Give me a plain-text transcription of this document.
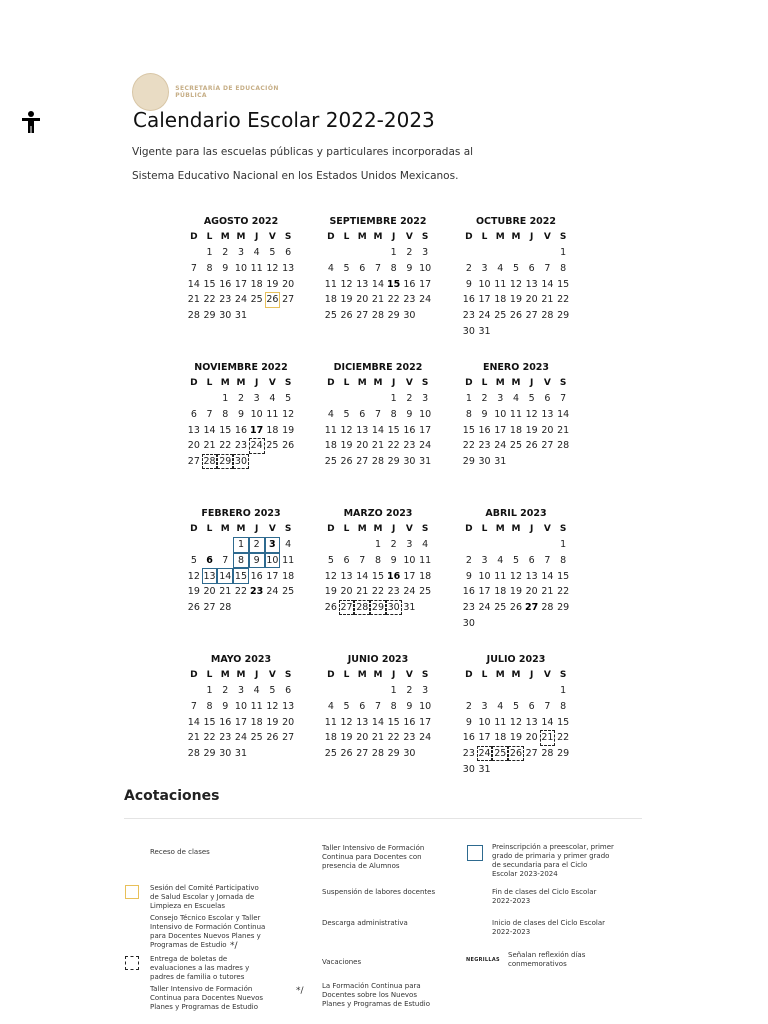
SECRETARÍA DE EDUCACIÓN PÚBLICA
Calendario Escolar 2022-2023

Vigente para las escuelas públicas y particulares incorporadas al Sistema Educativo Nacional en los Estados Unidos Mexicanos.

AGOSTO 2022
D	L	M	M	J	V	S
	1	2	3	4	5	6
7	8	9	10	11	12	13
14	15	16	17	18	19	20
21	22	23	24	25	26	27
28	29	30	31			
SEPTIEMBRE 2022
D	L	M	M	J	V	S
				1	2	3
4	5	6	7	8	9	10
11	12	13	14	15	16	17
18	19	20	21	22	23	24
25	26	27	28	29	30	
OCTUBRE 2022
D	L	M	M	J	V	S
						1
2	3	4	5	6	7	8
9	10	11	12	13	14	15
16	17	18	19	20	21	22
23	24	25	26	27	28	29
30	31					
NOVIEMBRE 2022
D	L	M	M	J	V	S
		1	2	3	4	5
6	7	8	9	10	11	12
13	14	15	16	17	18	19
20	21	22	23	24	25	26
27	28	29	30			
DICIEMBRE 2022
D	L	M	M	J	V	S
				1	2	3
4	5	6	7	8	9	10
11	12	13	14	15	16	17
18	19	20	21	22	23	24
25	26	27	28	29	30	31
ENERO 2023
D	L	M	M	J	V	S
1	2	3	4	5	6	7
8	9	10	11	12	13	14
15	16	17	18	19	20	21
22	23	24	25	26	27	28
29	30	31				
FEBRERO 2023
D	L	M	M	J	V	S
			1	2	3	4
5	6	7	8	9	10	11
12	13	14	15	16	17	18
19	20	21	22	23	24	25
26	27	28				
MARZO 2023
D	L	M	M	J	V	S
			1	2	3	4
5	6	7	8	9	10	11
12	13	14	15	16	17	18
19	20	21	22	23	24	25
26	27	28	29	30	31	
ABRIL 2023
D	L	M	M	J	V	S
						1
2	3	4	5	6	7	8
9	10	11	12	13	14	15
16	17	18	19	20	21	22
23	24	25	26	27	28	29
30						
MAYO 2023
D	L	M	M	J	V	S
	1	2	3	4	5	6
7	8	9	10	11	12	13
14	15	16	17	18	19	20
21	22	23	24	25	26	27
28	29	30	31			
JUNIO 2023
D	L	M	M	J	V	S
				1	2	3
4	5	6	7	8	9	10
11	12	13	14	15	16	17
18	19	20	21	22	23	24
25	26	27	28	29	30	
JULIO 2023
D	L	M	M	J	V	S
						1
2	3	4	5	6	7	8
9	10	11	12	13	14	15
16	17	18	19	20	21	22
23	24	25	26	27	28	29
30	31					
Acotaciones
Receso de clases
Sesión del Comité Participativo de Salud Escolar y Jornada de Limpieza en Escuelas
Consejo Técnico Escolar y Taller Intensivo de Formación Continua para Docentes Nuevos Planes y Programas de Estudio */
Entrega de boletas de evaluaciones a las madres y padres de familia o tutores
Taller Intensivo de Formación Continua para Docentes Nuevos Planes y Programas de Estudio
Taller Intensivo de Formación Continua para Docentes con presencia de Alumnos
Suspensión de labores docentes
Descarga administrativa
Vacaciones
*/	La Formación Continua para Docentes sobre los Nuevos Planes y Programas de Estudio
Preinscripción a preescolar, primer grado de primaria y primer grado de secundaria para el Ciclo Escolar 2023-2024
Fin de clases del Ciclo Escolar 2022-2023
Inicio de clases del Ciclo Escolar 2022-2023
NEGRILLAS
Señalan reflexión días conmemorativos
